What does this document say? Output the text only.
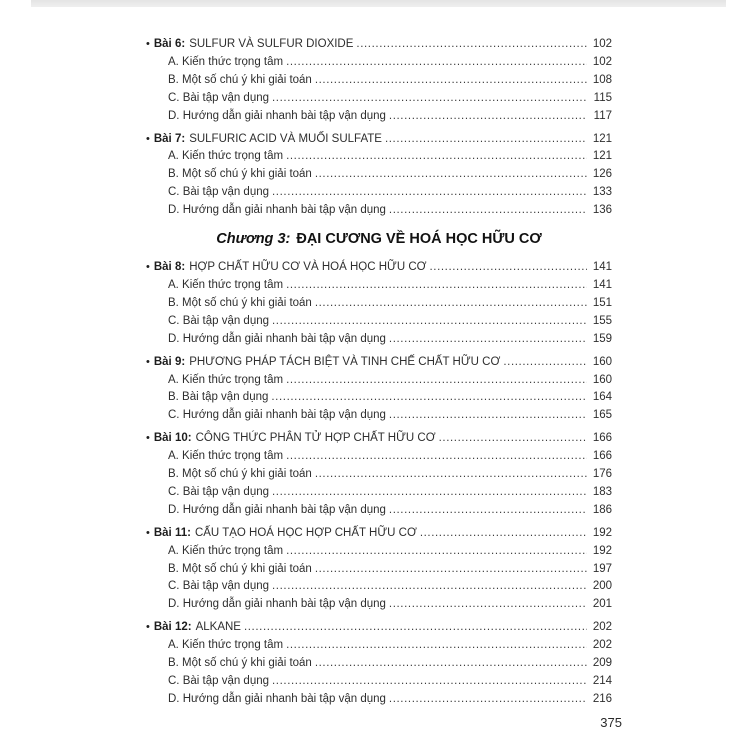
• Bài 6: SULFUR VÀ SULFUR DIOXIDE .....	102
A. Kiến thức trọng tâm .....	102
B. Một số chú ý khi giải toán .....	108
C. Bài tập vận dụng .....	115
D. Hướng dẫn giải nhanh bài tập vận dụng .....	117
• Bài 7: SULFURIC ACID VÀ MUỐI SULFATE .....	121
A. Kiến thức trọng tâm .....	121
B. Một số chú ý khi giải toán .....	126
C. Bài tập vận dụng .....	133
D. Hướng dẫn giải nhanh bài tập vận dụng .....	136
Chương 3: ĐẠI CƯƠNG VỀ HOÁ HỌC HỮU CƠ
• Bài 8: HỢP CHẤT HỮU CƠ VÀ HOÁ HỌC HỮU CƠ .....	141
A. Kiến thức trọng tâm .....	141
B. Một số chú ý khi giải toán .....	151
C. Bài tập vận dụng .....	155
D. Hướng dẫn giải nhanh bài tập vận dụng .....	159
• Bài 9: PHƯƠNG PHÁP TÁCH BIỆT VÀ TINH CHẾ CHẤT HỮU CƠ .....	160
A. Kiến thức trọng tâm .....	160
B. Bài tập vận dụng .....	164
C. Hướng dẫn giải nhanh bài tập vận dụng .....	165
• Bài 10: CÔNG THỨC PHÂN TỬ HỢP CHẤT HỮU CƠ .....	166
A. Kiến thức trọng tâm .....	166
B. Một số chú ý khi giải toán .....	176
C. Bài tập vận dụng .....	183
D. Hướng dẫn giải nhanh bài tập vận dụng .....	186
• Bài 11: CẤU TẠO HOÁ HỌC HỢP CHẤT HỮU CƠ .....	192
A. Kiến thức trọng tâm .....	192
B. Một số chú ý khi giải toán .....	197
C. Bài tập vận dụng .....	200
D. Hướng dẫn giải nhanh bài tập vận dụng .....	201
• Bài 12: ALKANE .....	202
A. Kiến thức trọng tâm .....	202
B. Một số chú ý khi giải toán .....	209
C. Bài tập vận dụng .....	214
D. Hướng dẫn giải nhanh bài tập vận dụng .....	216
375
